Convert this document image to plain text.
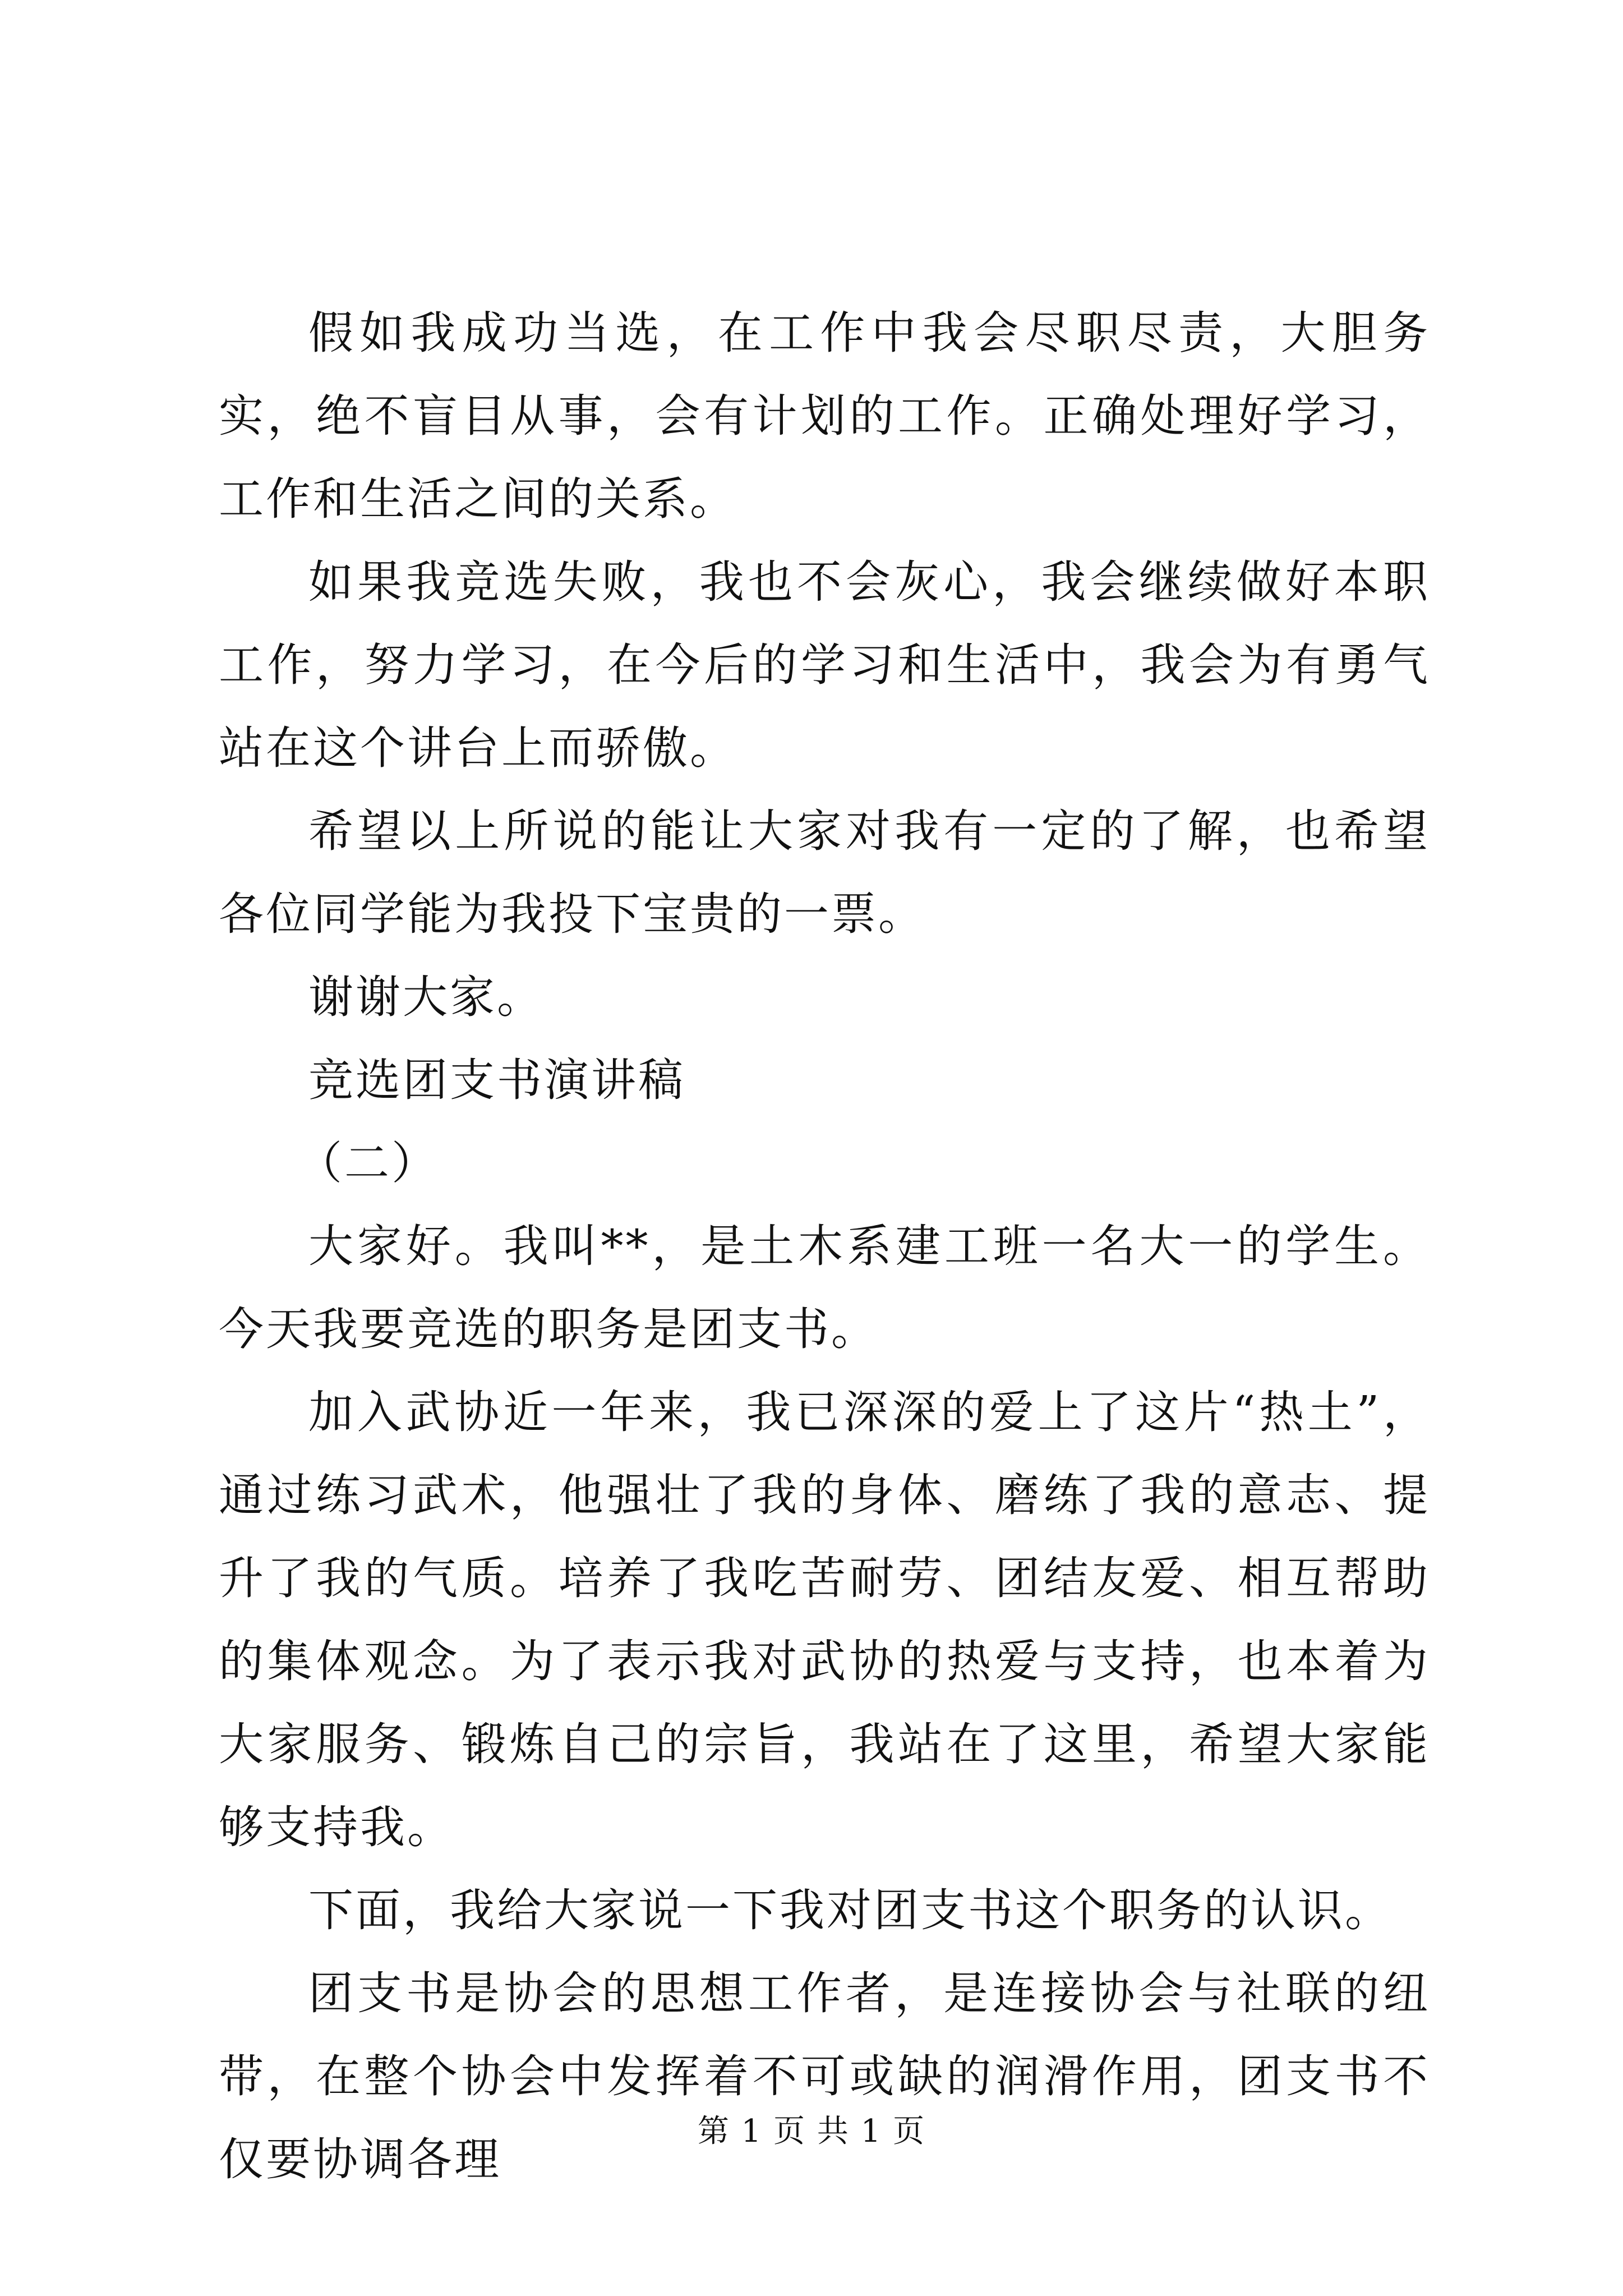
假如我成功当选，在工作中我会尽职尽责，大胆务实，绝不盲目从事，会有计划的工作。正确处理好学习，工作和生活之间的关系。

如果我竞选失败，我也不会灰心，我会继续做好本职工作，努力学习，在今后的学习和生活中，我会为有勇气站在这个讲台上而骄傲。

希望以上所说的能让大家对我有一定的了解，也希望各位同学能为我投下宝贵的一票。

谢谢大家。

竞选团支书演讲稿

（二）

大家好。我叫**，是土木系建工班一名大一的学生。今天我要竞选的职务是团支书。

加入武协近一年来，我已深深的爱上了这片“热土”，通过练习武术，他强壮了我的身体、磨练了我的意志、提升了我的气质。培养了我吃苦耐劳、团结友爱、相互帮助的集体观念。为了表示我对武协的热爱与支持，也本着为大家服务、锻炼自己的宗旨，我站在了这里，希望大家能够支持我。

下面，我给大家说一下我对团支书这个职务的认识。

团支书是协会的思想工作者，是连接协会与社联的纽带，在整个协会中发挥着不可或缺的润滑作用，团支书不仅要协调各理

第 1 页 共 1 页
